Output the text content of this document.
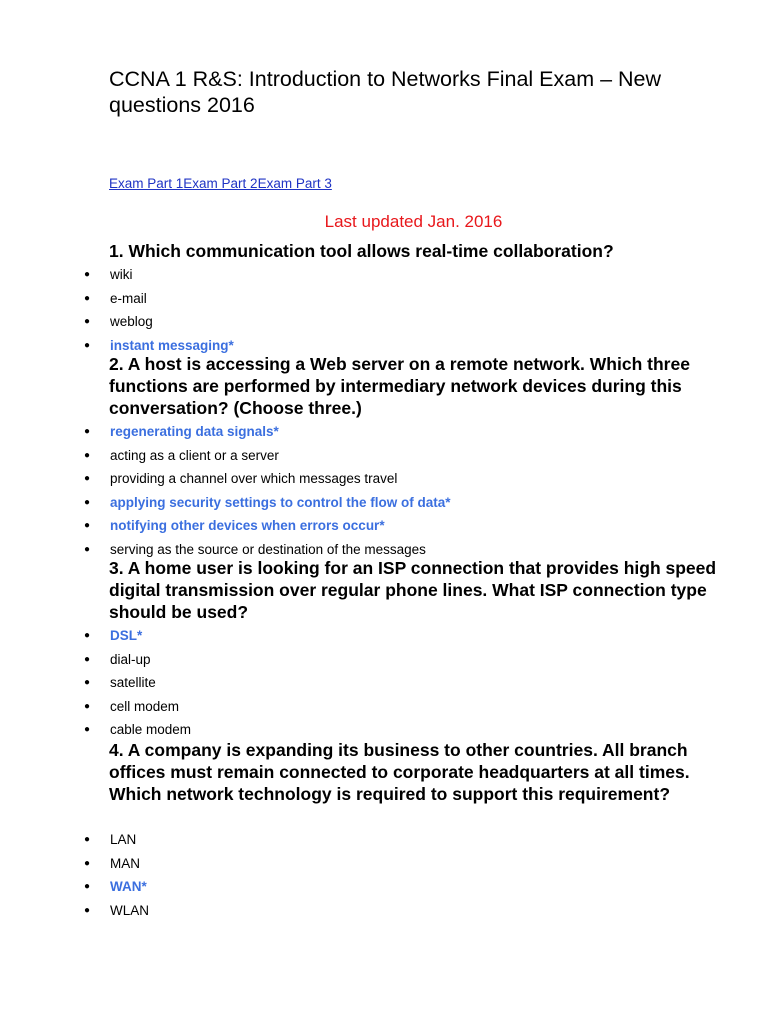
CCNA 1 R&S: Introduction to Networks Final Exam – New questions 2016
Exam Part 1Exam Part 2Exam Part 3
Last updated Jan. 2016
1. Which communication tool allows real-time collaboration?
● wiki
● e-mail
● weblog
● instant messaging*
2. A host is accessing a Web server on a remote network. Which three functions are performed by intermediary network devices during this conversation? (Choose three.)
● regenerating data signals*
● acting as a client or a server
● providing a channel over which messages travel
● applying security settings to control the flow of data*
● notifying other devices when errors occur*
● serving as the source or destination of the messages
3. A home user is looking for an ISP connection that provides high speed digital transmission over regular phone lines. What ISP connection type should be used?
● DSL*
● dial-up
● satellite
● cell modem
● cable modem
4. A company is expanding its business to other countries. All branch offices must remain connected to corporate headquarters at all times. Which network technology is required to support this requirement?
● LAN
● MAN
● WAN*
● WLAN
